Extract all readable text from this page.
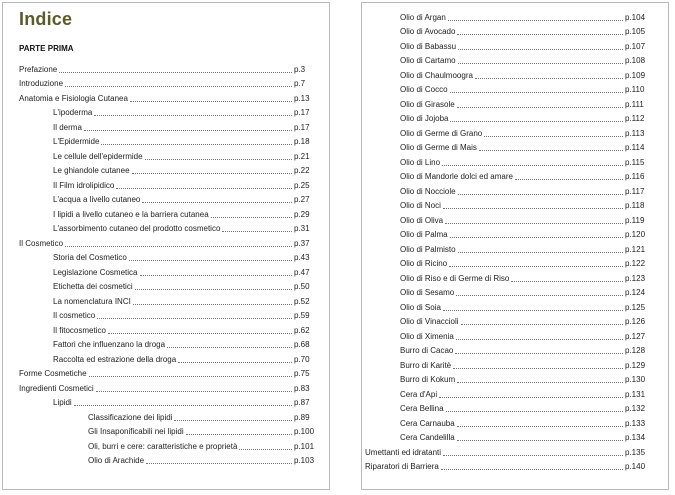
Indice
PARTE PRIMA
Prefazione	p.3
Introduzione	p.7
Anatomia e Fisiologia Cutanea	p.13
L'ipoderma	p.17
Il derma	p.17
L'Epidermide	p.18
Le cellule dell'epidermide	p.21
Le ghiandole cutanee	p.22
Il Film idrolipidico	p.25
L'acqua a livello cutaneo	p.27
I lipidi a livello cutaneo e la barriera cutanea	p.29
L'assorbimento cutaneo del prodotto cosmetico	p.31
Il Cosmetico	p.37
Storia del Cosmetico	p.43
Legislazione Cosmetica	p.47
Etichetta dei cosmetici	p.50
La nomenclatura INCI	p.52
Il cosmetico	p.59
Il fitocosmetico	p.62
Fattori che influenzano la droga	p.68
Raccolta ed estrazione della droga	p.70
Forme Cosmetiche	p.75
Ingredienti Cosmetici	p.83
Lipidi	p.87
Classificazione dei lipidi	p.89
Gli Insaponificabili nei lipidi	p.100
Oli, burri e cere: caratteristiche e proprietà	p.101
Olio di Arachide	p.103
Olio di Argan	p.104
Olio di Avocado	p.105
Olio di Babassu	p.107
Olio di Cartamo	p.108
Olio di Chaulmoogra	p.109
Olio di Cocco	p.110
Olio di Girasole	p.111
Olio di Jojoba	p.112
Olio di Germe di Grano	p.113
Olio di Germe di Mais	p.114
Olio di Lino	p.115
Olio di Mandorle dolci ed amare	p.116
Olio di Nocciole	p.117
Olio di Noci	p.118
Olio di Oliva	p.119
Olio di Palma	p.120
Olio di Palmisto	p.121
Olio di Ricino	p.122
Olio di Riso e di Germe di Riso	p.123
Olio di Sesamo	p.124
Olio di Soia	p.125
Olio di Vinaccioli	p.126
Olio di Ximenia	p.127
Burro di Cacao	p.128
Burro di Karitè	p.129
Burro di Kokum	p.130
Cera d'Api	p.131
Cera Bellina	p.132
Cera Carnauba	p.133
Cera Candelilla	p.134
Umettanti ed idratanti	p.135
Riparatori di Barriera	p.140
